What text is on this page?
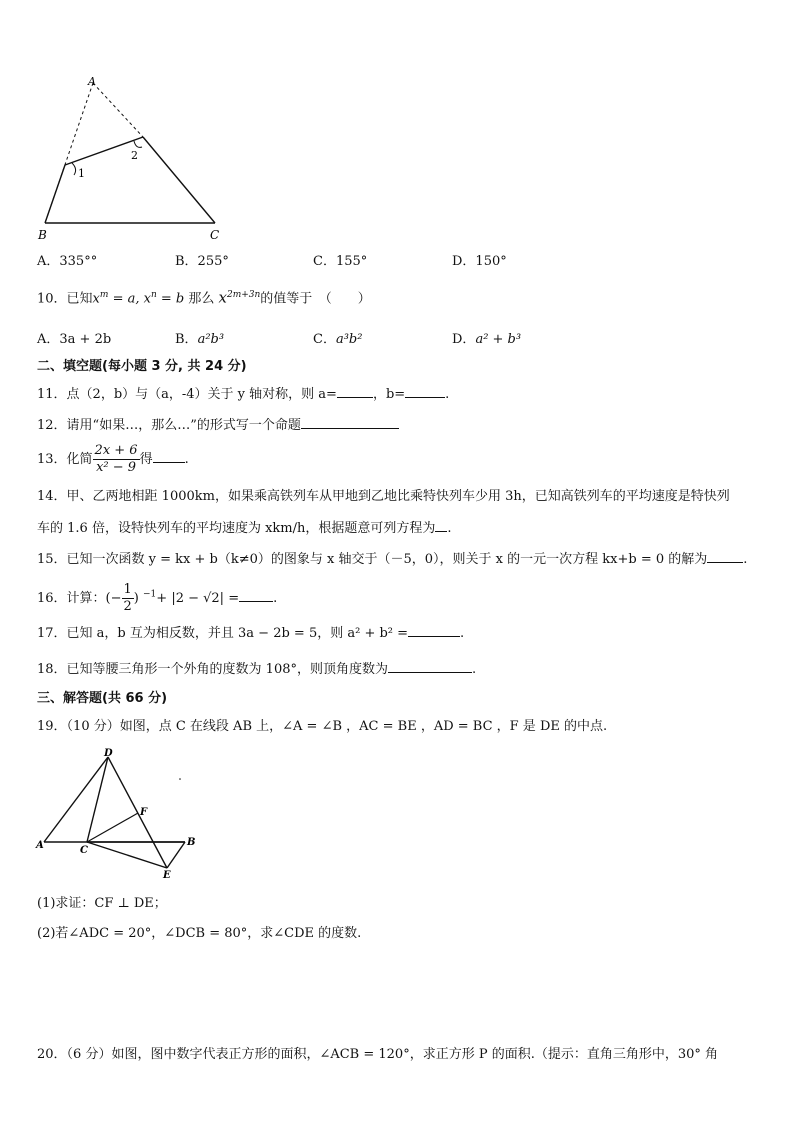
A
B	C
1
2
A．335°°	B．255°	C．155°	D．150°
10．已知$x^m = a$, $x^n = b$ 那么 $x^{2m+3n}$的值等于　（　　）
A．3a + 2b	B．a²b³	C．a³b²	D．a² + b³
二、填空题(每小题 3 分, 共 24 分)
11．点（2，b）与（a，-4）关于 y 轴对称，则 a=	，b=	.
12．请用“如果…，那么…”的形式写一个命题
13．化简 $\frac{2x + 6}{\text{x² − 9}}$ 得 .
14．甲、乙两地相距 1000km，如果乘高铁列车从甲地到乙地比乘特快列车少用 3h，已知高铁列车的平均速度是特快列
车的 1.6 倍，设特快列车的平均速度为 xkm/h，根据题意可列方程为 .
15．已知一次函数 y = kx + b（k≠0）的图象与 x 轴交于（－5，0），则关于 x 的一元一次方程 kx+b = 0 的解为	.
16．计算：(− $\frac{1}{2}$ ) $^{-1}$+ |2 − √2| =	.
17．已知 a，b 互为相反数，并且 3a − 2b = 5，则 a² + b² =	.
18．已知等腰三角形一个外角的度数为 108°，则顶角度数为	.
三、解答题(共 66 分)
19．（10 分）如图，点 C 在线段 AB 上，∠A = ∠B ，AC = BE ，AD = BC ，F 是 DE 的中点.
D
A	C
B
E
F
(1)求证：CF ⊥ DE；
(2)若∠ADC = 20°，∠DCB = 80°，求∠CDE 的度数.
20．（6 分）如图，图中数字代表正方形的面积，∠ACB = 120°，求正方形 P 的面积.（提示：直角三角形中，30° 角
